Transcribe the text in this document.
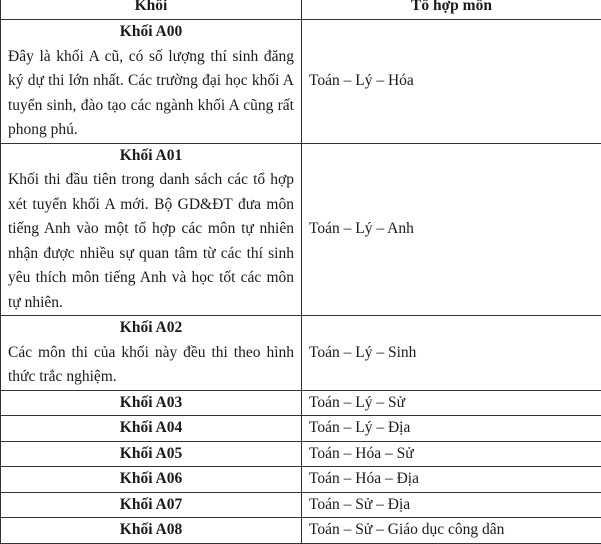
Khối	Tổ hợp môn

Khối A00
Đây là khối A cũ, có số lượng thí sinh đăng ký dự thi lớn nhất. Các trường đại học khối A tuyển sinh, đào tạo các ngành khối A cũng rất phong phú.	Toán – Lý – Hóa

Khối A01
Khối thi đầu tiên trong danh sách các tổ hợp xét tuyển khối A mới. Bộ GD&ĐT đưa môn tiếng Anh vào một tổ hợp các môn tự nhiên nhận được nhiều sự quan tâm từ các thí sinh yêu thích môn tiếng Anh và học tốt các môn tự nhiên.	Toán – Lý – Anh

Khối A02
Các môn thi của khối này đều thi theo hình thức trắc nghiệm.	Toán – Lý – Sinh
Khối A03	Toán – Lý – Sử
Khối A04	Toán – Lý – Địa
Khối A05	Toán – Hóa – Sử
Khối A06	Toán – Hóa – Địa
Khối A07	Toán – Sử – Địa
Khối A08	Toán – Sử – Giáo dục công dân
